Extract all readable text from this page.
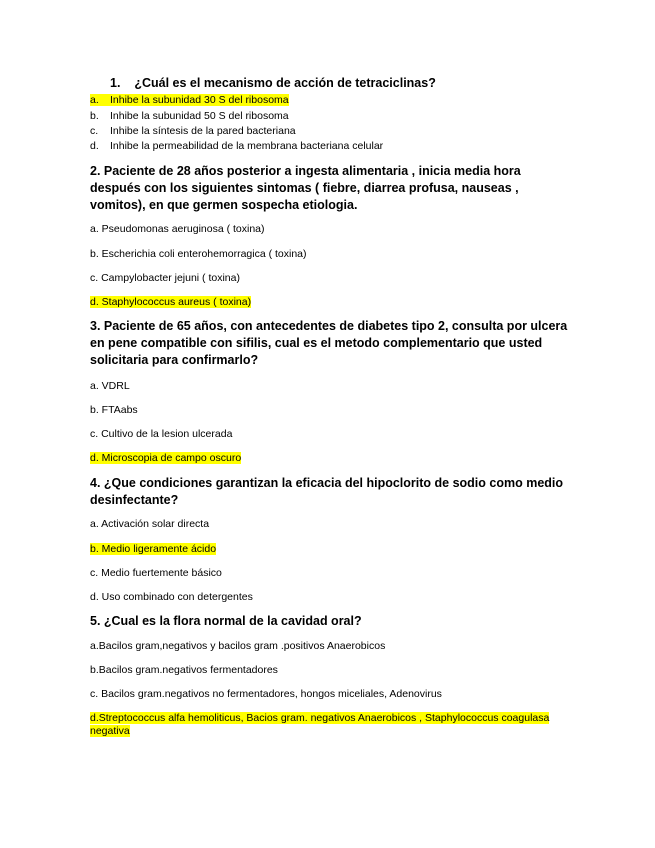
1. ¿Cuál es el mecanismo de acción de tetraciclinas?

a. Inhibe la subunidad 30 S del ribosoma

b. Inhibe la subunidad 50 S del ribosoma

c. Inhibe la síntesis de la pared bacteriana

d. Inhibe la permeabilidad de la membrana bacteriana celular

2. Paciente de 28 años posterior a ingesta alimentaria , inicia media hora después con los siguientes sintomas ( fiebre, diarrea profusa, nauseas , vomitos), en que germen sospecha etiologia.

a. Pseudomonas aeruginosa ( toxina)

b. Escherichia coli enterohemorragica ( toxina)

c. Campylobacter jejuni ( toxina)

d. Staphylococcus aureus ( toxina)

3. Paciente de 65 años, con antecedentes de diabetes tipo 2, consulta por ulcera en pene compatible con sifilis, cual es el metodo complementario que usted solicitaria para confirmarlo?

a. VDRL

b. FTAabs

c. Cultivo de la lesion ulcerada

d. Microscopia de campo oscuro

4. ¿Que condiciones garantizan la eficacia del hipoclorito de sodio como medio desinfectante?

a. Activación solar directa

b. Medio ligeramente ácido

c. Medio fuertemente básico

d. Uso combinado con detergentes

5. ¿Cual es la flora normal de la cavidad oral?

a.Bacilos gram,negativos y bacilos gram .positivos Anaerobicos

b.Bacilos gram.negativos fermentadores

c. Bacilos gram.negativos no fermentadores, hongos miceliales, Adenovirus

d.Streptococcus alfa hemoliticus, Bacios gram. negativos Anaerobicos , Staphylococcus coagulasa negativa
